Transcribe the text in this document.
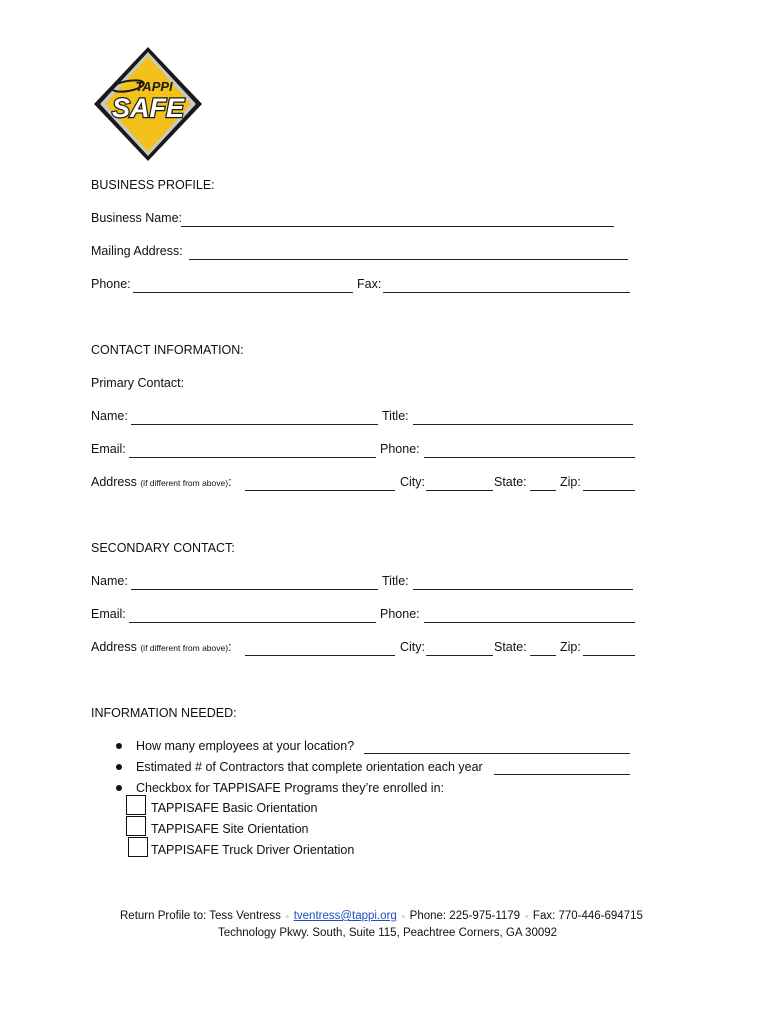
TAPPI
SAFE
BUSINESS PROFILE:
Business Name:
Mailing Address:
Phone:	Fax:
CONTACT INFORMATION:
Primary Contact:
Name:	Title:
Email:	Phone:
Address (if different from above):	City:	State:	Zip:
SECONDARY CONTACT:
Name:	Title:
Email:	Phone:
Address (if different from above):	City:	State:	Zip:
INFORMATION NEEDED:
How many employees at your location?
Estimated # of Contractors that complete orientation each year
Checkbox for TAPPISAFE Programs they’re enrolled in:
TAPPISAFE Basic Orientation
TAPPISAFE Site Orientation
TAPPISAFE Truck Driver Orientation
Return Profile to: Tess Ventress ◦ tventress@tappi.org ◦ Phone: 225-975-1179 ◦ Fax: 770-446-694715
Technology Pkwy. South, Suite 115, Peachtree Corners, GA 30092
